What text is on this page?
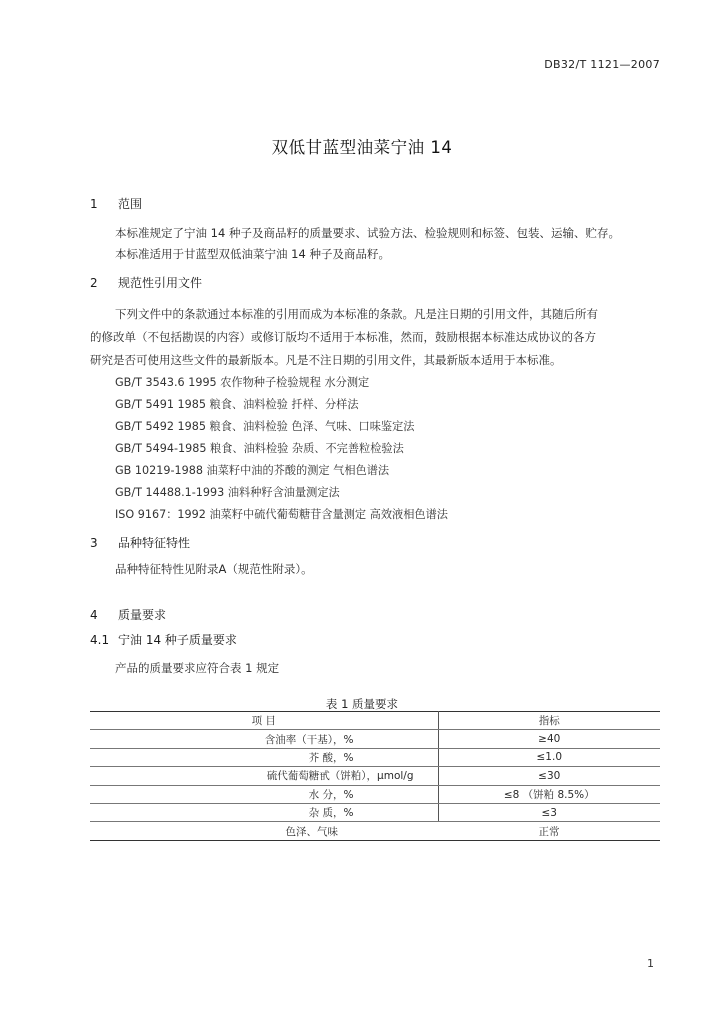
DB32/T 1121—2007
双低甘蓝型油菜宁油 14
1 范围
本标准规定了宁油 14 种子及商品籽的质量要求、试验方法、检验规则和标签、包装、运输、贮存。
本标准适用于甘蓝型双低油菜宁油 14 种子及商品籽。
2 规范性引用文件
下列文件中的条款通过本标准的引用而成为本标准的条款。凡是注日期的引用文件，其随后所有
的修改单（不包括勘误的内容）或修订版均不适用于本标准，然而，鼓励根据本标准达成协议的各方
研究是否可使用这些文件的最新版本。凡是不注日期的引用文件，其最新版本适用于本标准。
GB/T 3543.6 1995 农作物种子检验规程 水分测定
GB/T 5491 1985 粮食、油料检验 扦样、分样法
GB/T 5492 1985 粮食、油料检验 色泽、气味、口味鉴定法
GB/T 5494-1985 粮食、油料检验 杂质、不完善粒检验法
GB 10219-1988 油菜籽中油的芥酸的测定 气相色谱法
GB/T 14488.1-1993 油料种籽含油量测定法
ISO 9167：1992 油菜籽中硫代葡萄糖苷含量测定 高效液相色谱法
3 品种特征特性
品种特征特性见附录A（规范性附录）。
4 质量要求
4.1 宁油 14 种子质量要求
产品的质量要求应符合表 1 规定
表 1 质量要求
项 目	指标
含油率（干基），%	≥40
芥 酸，%	≤1.0
硫代葡萄糖甙（饼粕），μmol/g	≤30
水 分，%	≤8 （饼粕 8.5%）
杂 质，%	≤3
色泽、气味	正常
1
